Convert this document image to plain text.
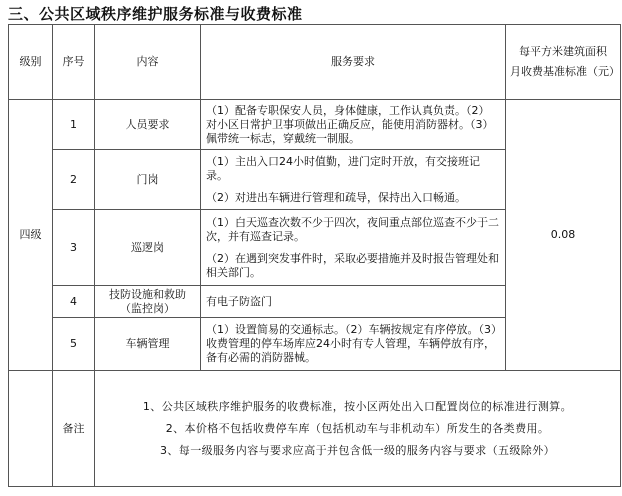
三、公共区域秩序维护服务标准与收费标准
级别	序号	内容	服务要求	每平方米建筑面积
月收费基准标准（元）

四级	1	人员要求	（1）配备专职保安人员，身体健康，工作认真负责。（2）对小区日常护卫事项做出正确反应，能使用消防器材。（3）佩带统一标志，穿戴统一制服。	0.08
	2	门岗	（1）主出入口24小时值勤，进门定时开放，有交接班记录。

（2）对进出车辆进行管理和疏导，保持出入口畅通。	

	3	巡逻岗	（1）白天巡查次数不少于四次，夜间重点部位巡查不少于二次，并有巡查记录。

（2）在遇到突发事件时，采取必要措施并及时报告管理处和相关部门。	

	4	技防设施和救助（监控岗）	有电子防盗门	

	5	车辆管理	（1）设置简易的交通标志。（2）车辆按规定有序停放。（3）收费管理的停车场库应24小时有专人管理，车辆停放有序，备有必需的消防器械。	

	备注	1、公共区域秩序维护服务的收费标准，按小区两处出入口配置岗位的标准进行测算。

2、本价格不包括收费停车库（包括机动车与非机动车）所发生的各类费用。

3、每一级服务内容与要求应高于并包含低一级的服务内容与要求（五级除外）		
